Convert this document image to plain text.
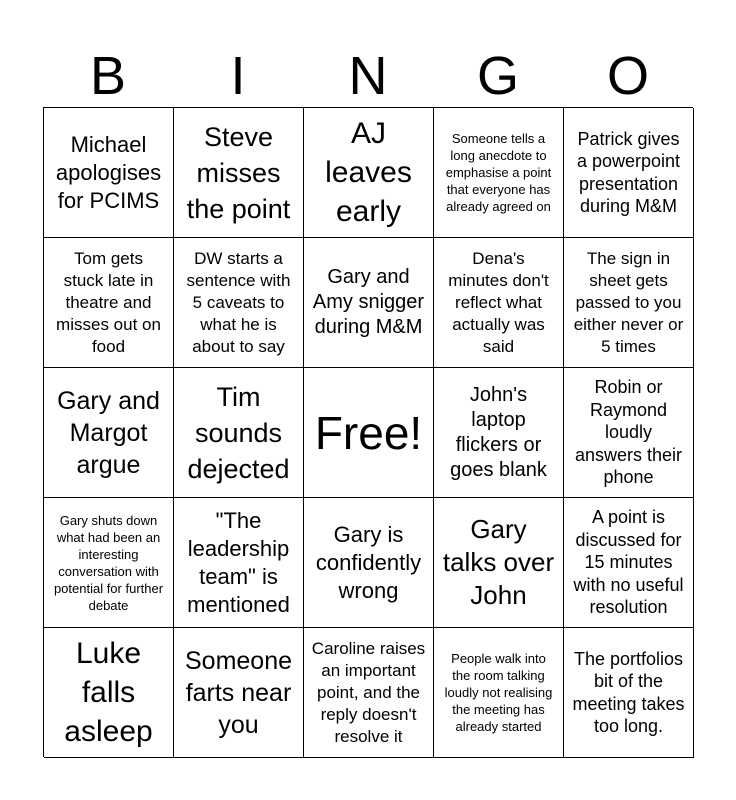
B	I	N	G	O
Michael apologises for PCIMS
Steve misses the point
AJ leaves early
Someone tells a long anecdote to emphasise a point that everyone has already agreed on
Patrick gives a powerpoint presentation during M&M
Tom gets stuck late in theatre and misses out on food
DW starts a sentence with 5 caveats to what he is about to say
Gary and Amy snigger during M&M
Dena's minutes don't reflect what actually was said
The sign in sheet gets passed to you either never or 5 times
Gary and Margot argue
Tim sounds dejected
Free!
John's laptop flickers or goes blank
Robin or Raymond loudly answers their phone
Gary shuts down what had been an interesting conversation with potential for further debate
"The leadership team" is mentioned
Gary is confidently wrong
Gary talks over John
A point is discussed for 15 minutes with no useful resolution
Luke falls asleep
Someone farts near you
Caroline raises an important point, and the reply doesn't resolve it
People walk into the room talking loudly not realising the meeting has already started
The portfolios bit of the meeting takes too long.
